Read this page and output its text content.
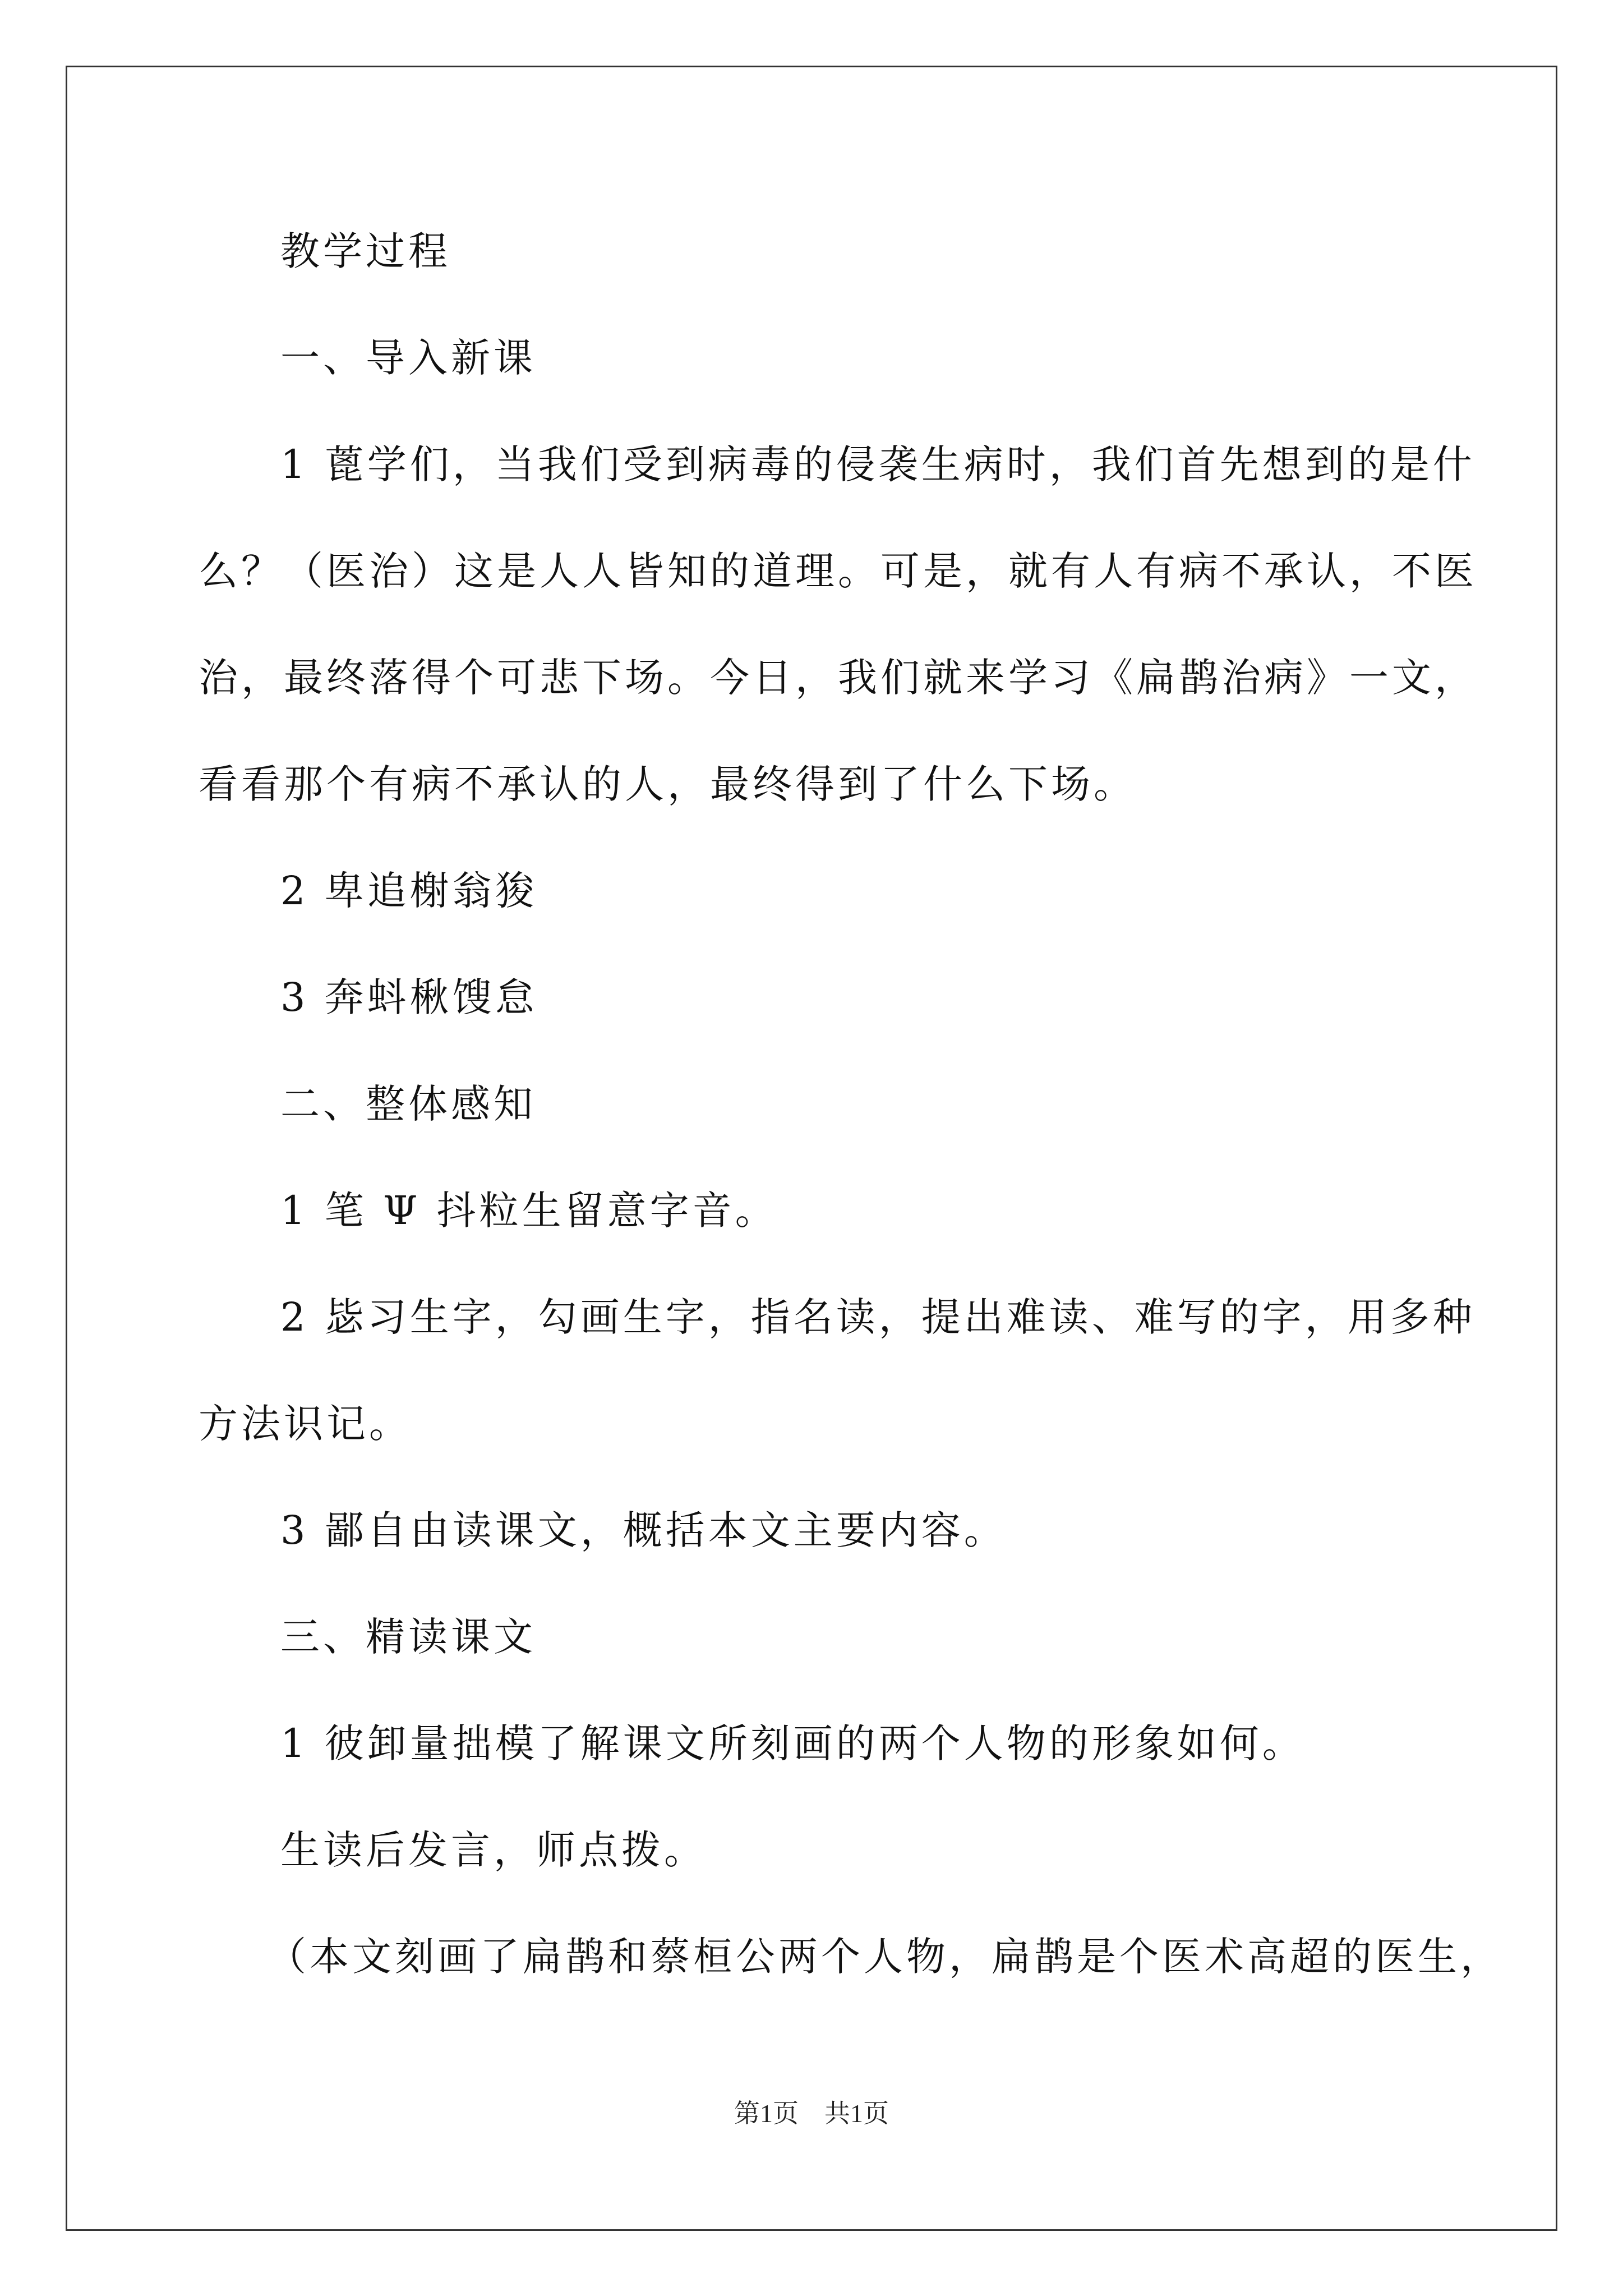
教学过程
一、导入新课
1 蓖学们，当我们受到病毒的侵袭生病时，我们首先想到的是什
么？（医治）这是人人皆知的道理。可是，就有人有病不承认，不医
治，最终落得个可悲下场。今日，我们就来学习《扁鹊治病》一文，
看看那个有病不承认的人，最终得到了什么下场。
2 卑追榭翁狻
3 奔蚪楸馊怠
二、整体感知
1 笔 Ψ 抖粒生留意字音。
2 毖习生字，勾画生字，指名读，提出难读、难写的字，用多种
方法识记。
3 鄙自由读课文，概括本文主要内容。
三、精读课文
1 彼卸量拙模了解课文所刻画的两个人物的形象如何。
生读后发言，师点拨。
（本文刻画了扁鹊和蔡桓公两个人物，扁鹊是个医术高超的医生，
第1页　共1页
